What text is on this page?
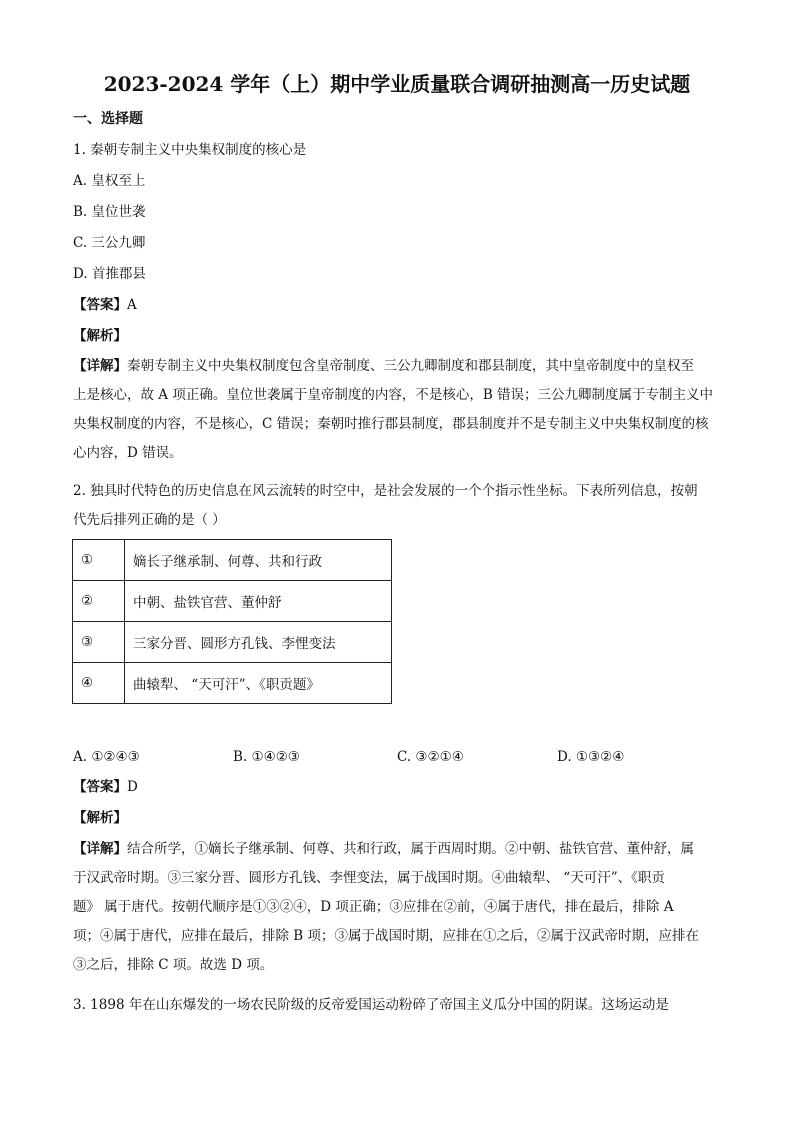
2023-2024 学年（上）期中学业质量联合调研抽测高一历史试题
一、选择题
1. 秦朝专制主义中央集权制度的核心是
A. 皇权至上
B. 皇位世袭
C. 三公九卿
D. 首推郡县
【答案】A
【解析】
【详解】秦朝专制主义中央集权制度包含皇帝制度、三公九卿制度和郡县制度，其中皇帝制度中的皇权至
上是核心，故 A 项正确。皇位世袭属于皇帝制度的内容，不是核心，B 错误；三公九卿制度属于专制主义中
央集权制度的内容，不是核心，C 错误；秦朝时推行郡县制度，郡县制度并不是专制主义中央集权制度的核
心内容，D 错误。
2. 独具时代特色的历史信息在风云流转的时空中，是社会发展的一个个指示性坐标。下表所列信息，按朝
代先后排列正确的是（ ）
①	嫡长子继承制、何尊、共和行政
②	中朝、盐铁官营、董仲舒
③	三家分晋、圆形方孔钱、李悝变法
④	曲辕犁、 “天可汗”、《职贡题》
A. ①②④③	B. ①④②③	C. ③②①④	D. ①③②④
【答案】D
【解析】
【详解】结合所学，①嫡长子继承制、何尊、共和行政，属于西周时期。②中朝、盐铁官营、董仲舒，属
于汉武帝时期。③三家分晋、圆形方孔钱、李悝变法，属于战国时期。④曲辕犁、 “天可汗”、《职贡
题》 属于唐代。按朝代顺序是①③②④，D 项正确；③应排在②前，④属于唐代，排在最后，排除 A
项；④属于唐代，应排在最后，排除 B 项；③属于战国时期，应排在①之后，②属于汉武帝时期，应排在
③之后，排除 C 项。故选 D 项。
3. 1898 年在山东爆发的一场农民阶级的反帝爱国运动粉碎了帝国主义瓜分中国的阴谋。这场运动是
